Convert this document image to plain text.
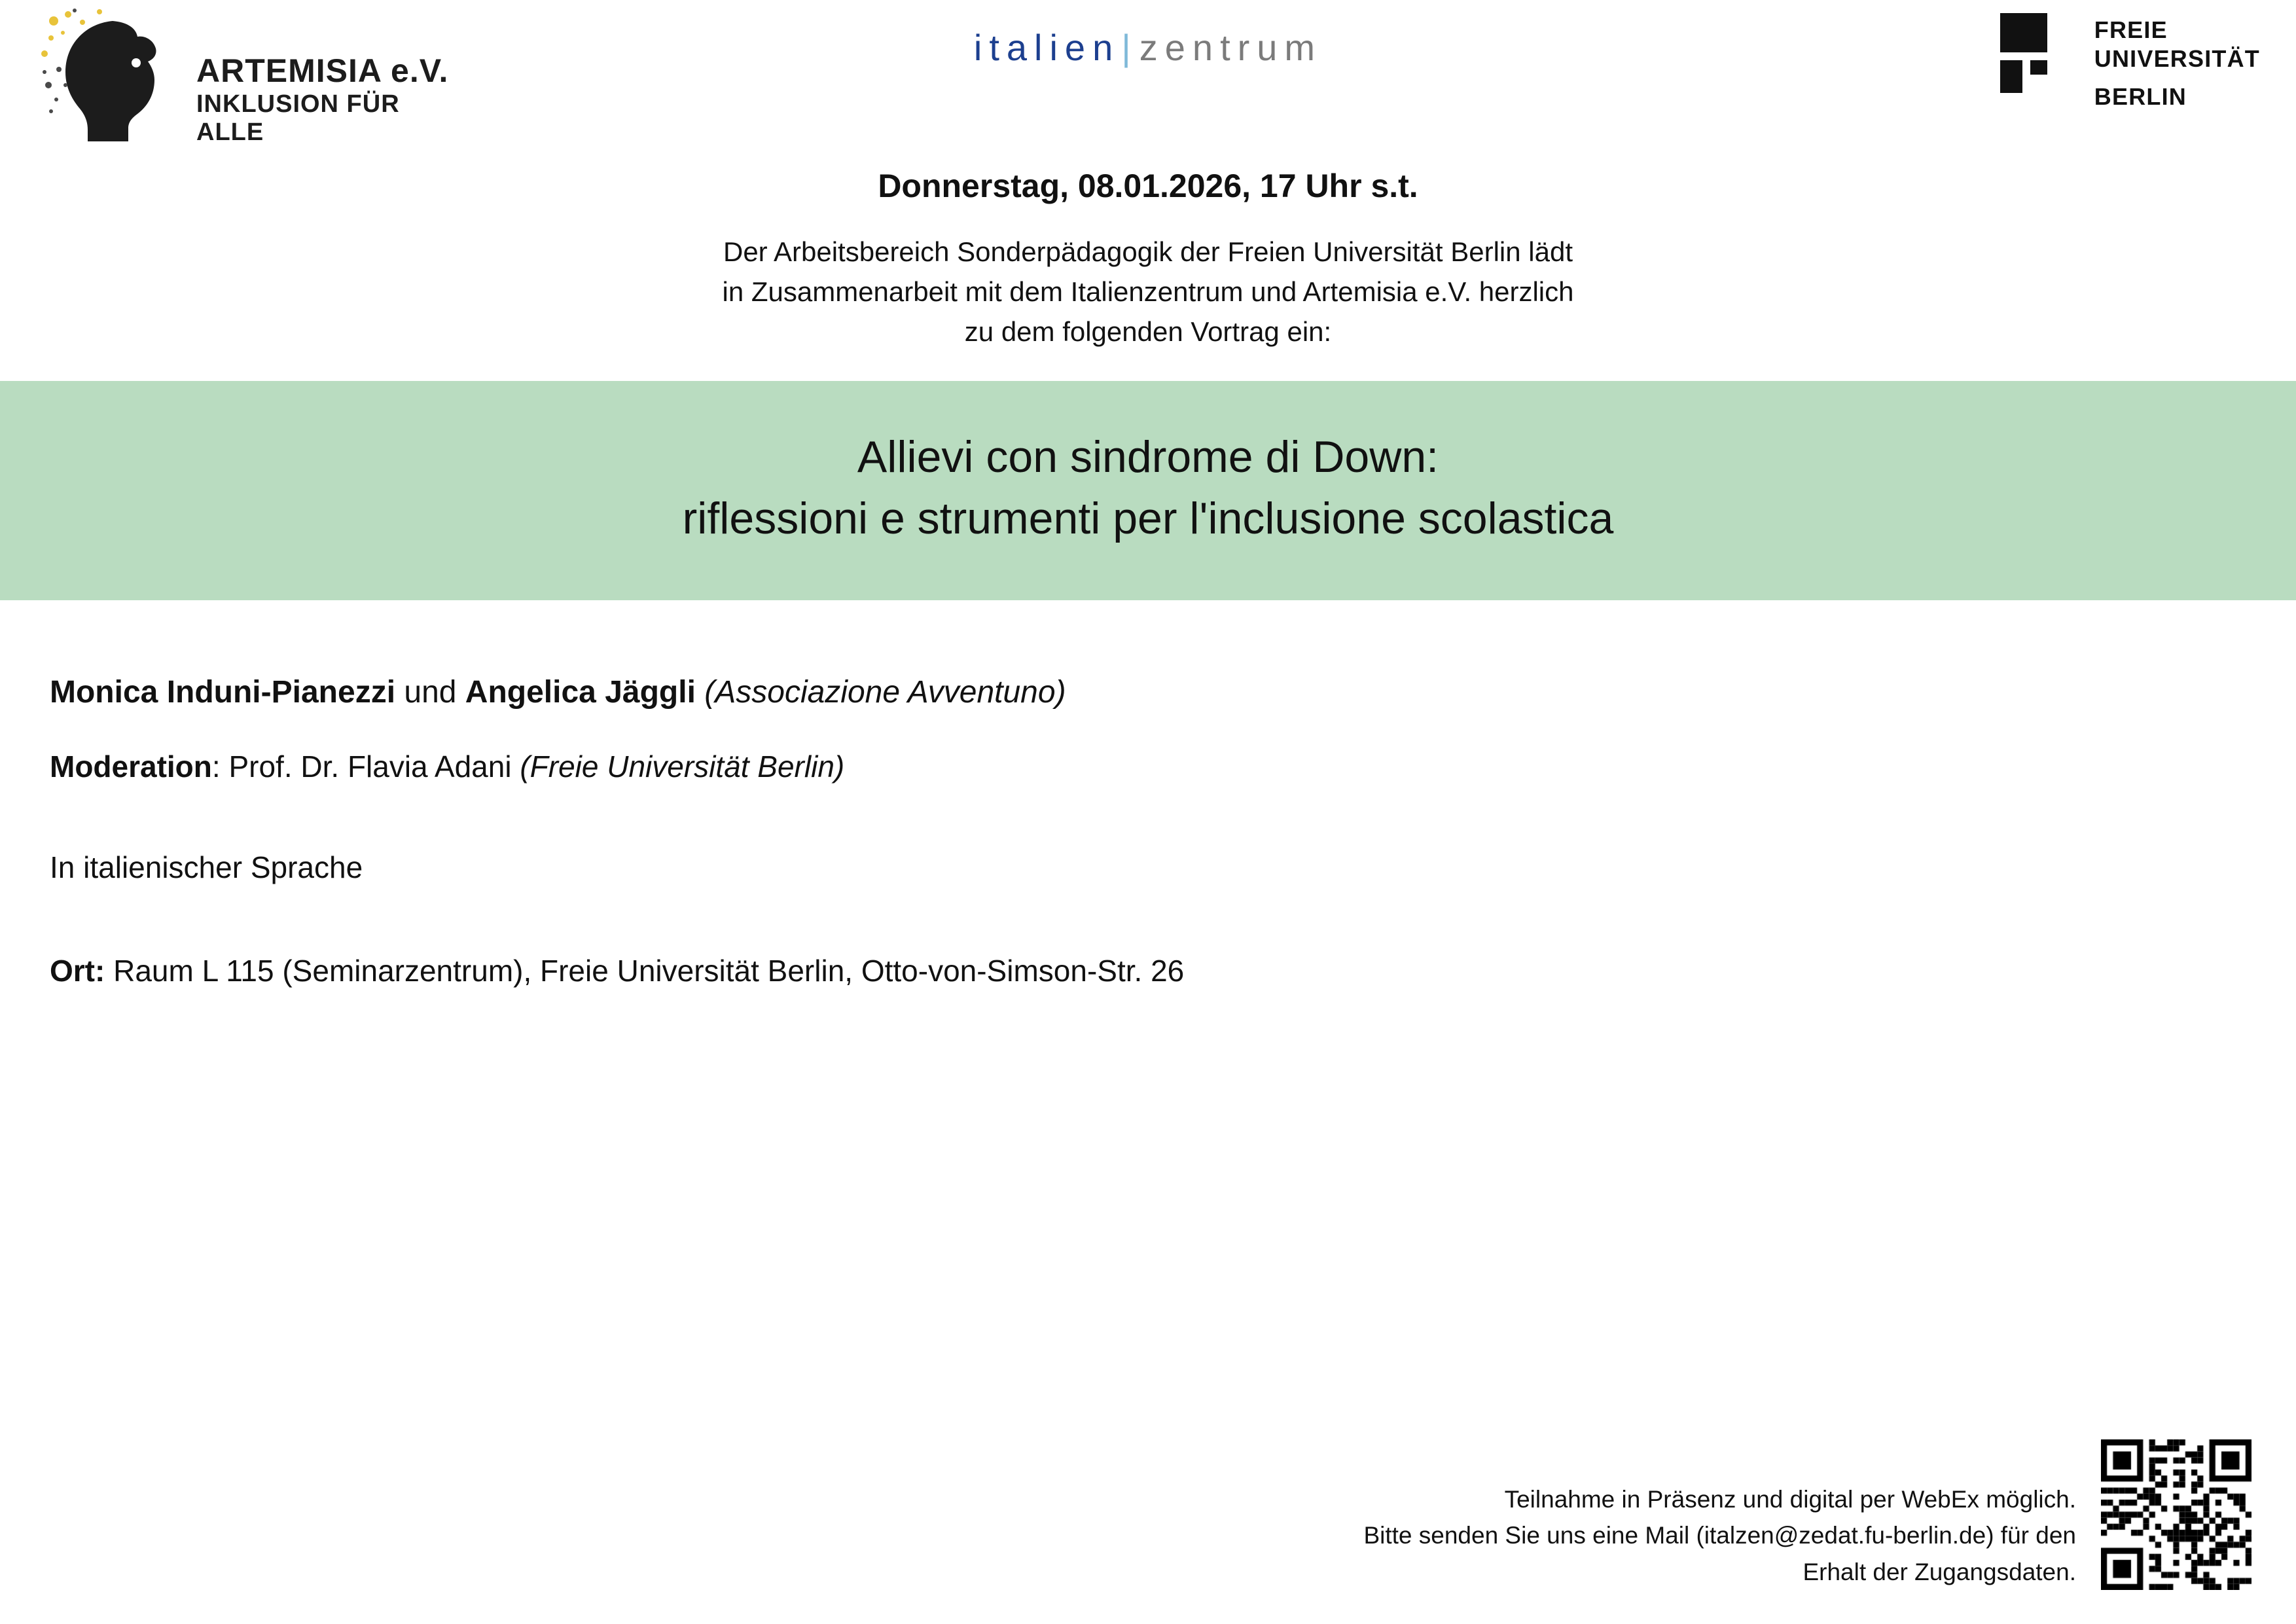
ARTEMISIA e.V.
INKLUSION FÜR ALLE
italien|zentrum	FREIE
UNIVERSITÄT
BERLIN
Donnerstag, 08.01.2026, 17 Uhr s.t.
Der Arbeitsbereich Sonderpädagogik der Freien Universität Berlin lädt
in Zusammenarbeit mit dem Italienzentrum und Artemisia e.V. herzlich
zu dem folgenden Vortrag ein:
Allievi con sindrome di Down:
riflessioni e strumenti per l'inclusione scolastica
Monica Induni-Pianezzi und Angelica Jäggli (Associazione Avventuno)
Moderation: Prof. Dr. Flavia Adani (Freie Universität Berlin)
In italienischer Sprache
Ort: Raum L 115 (Seminarzentrum), Freie Universität Berlin, Otto-von-Simson-Str. 26
Teilnahme in Präsenz und digital per WebEx möglich.
Bitte senden Sie uns eine Mail (italzen@zedat.fu-berlin.de) für den
Erhalt der Zugangsdaten.
